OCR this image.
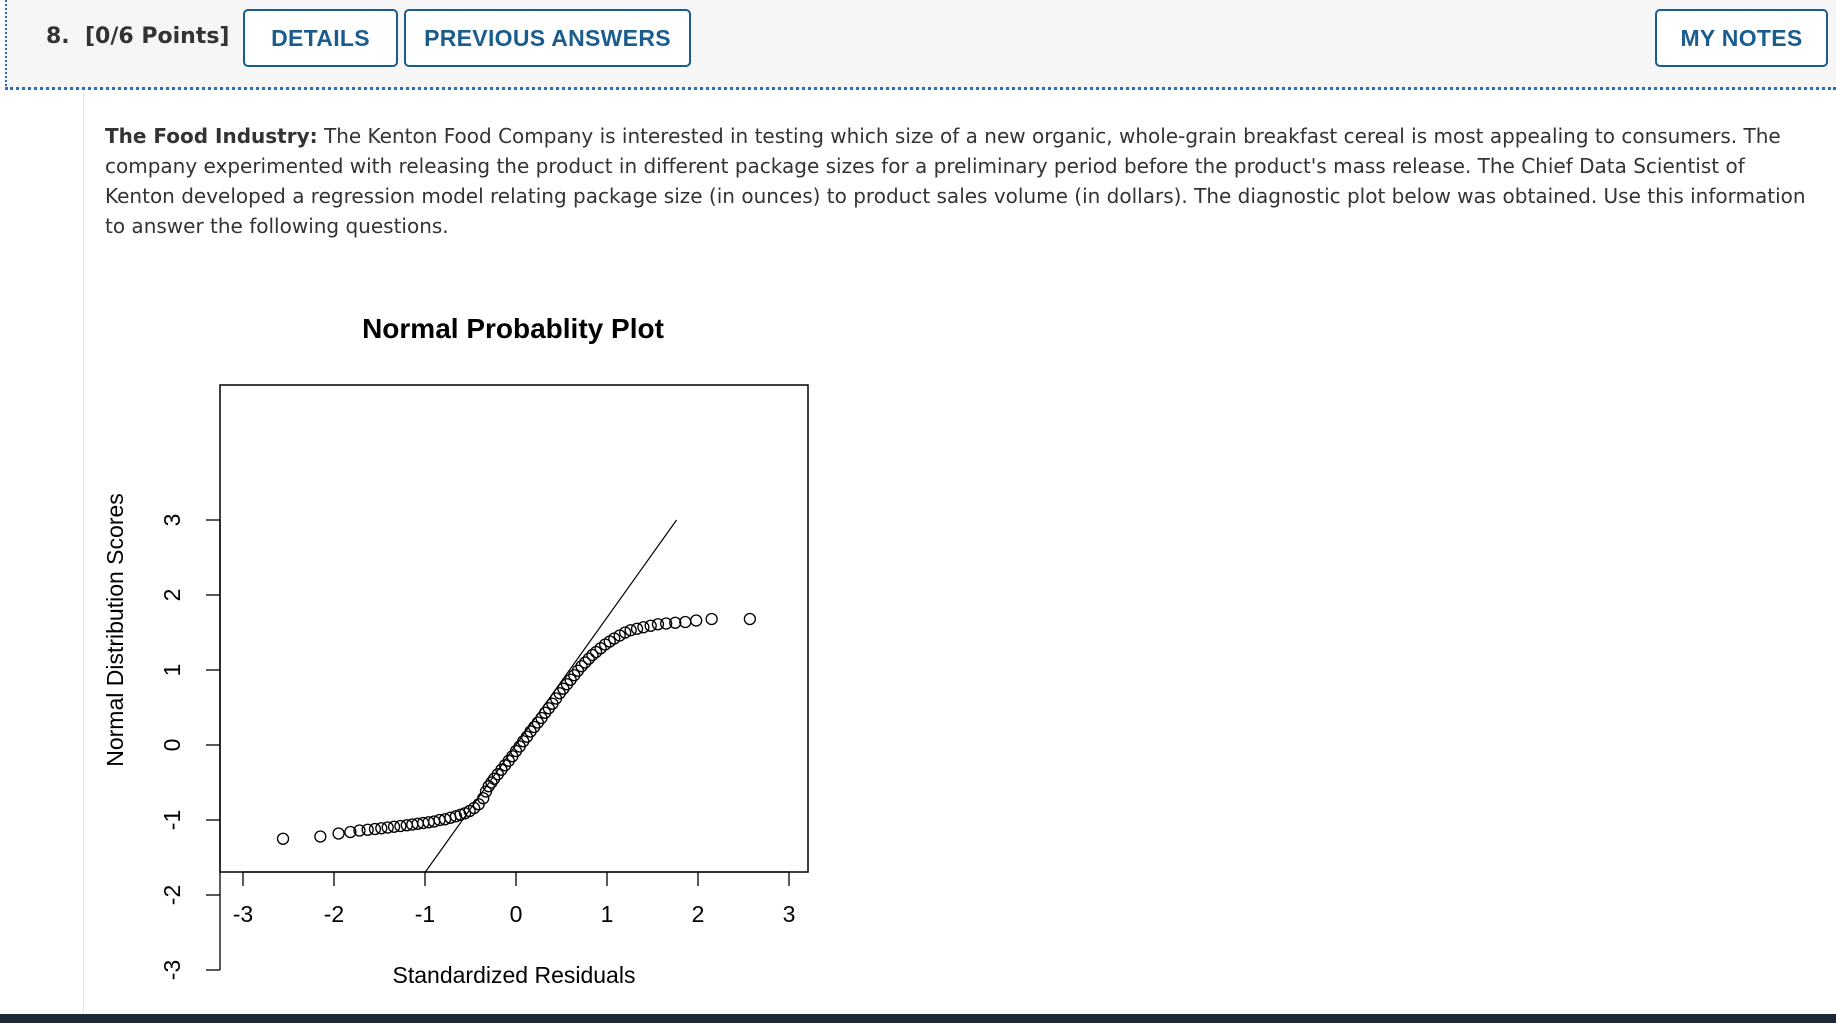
8. [0/6 Points]	DETAILS	PREVIOUS ANSWERS	MY NOTES
The Food Industry: The Kenton Food Company is interested in testing which size of a new organic, whole-grain breakfast cereal is most appealing to consumers. The company experimented with releasing the product in different package sizes for a preliminary period before the product's mass release. The Chief Data Scientist of Kenton developed a regression model relating package size (in ounces) to product sales volume (in dollars). The diagnostic plot below was obtained. Use this information to answer the following questions.
Normal Probablity Plot
-3	-2	-1	0	1	2	3
-3
-2
-1
0
1
2
3
Standardized Residuals
Normal Distribution Scores
